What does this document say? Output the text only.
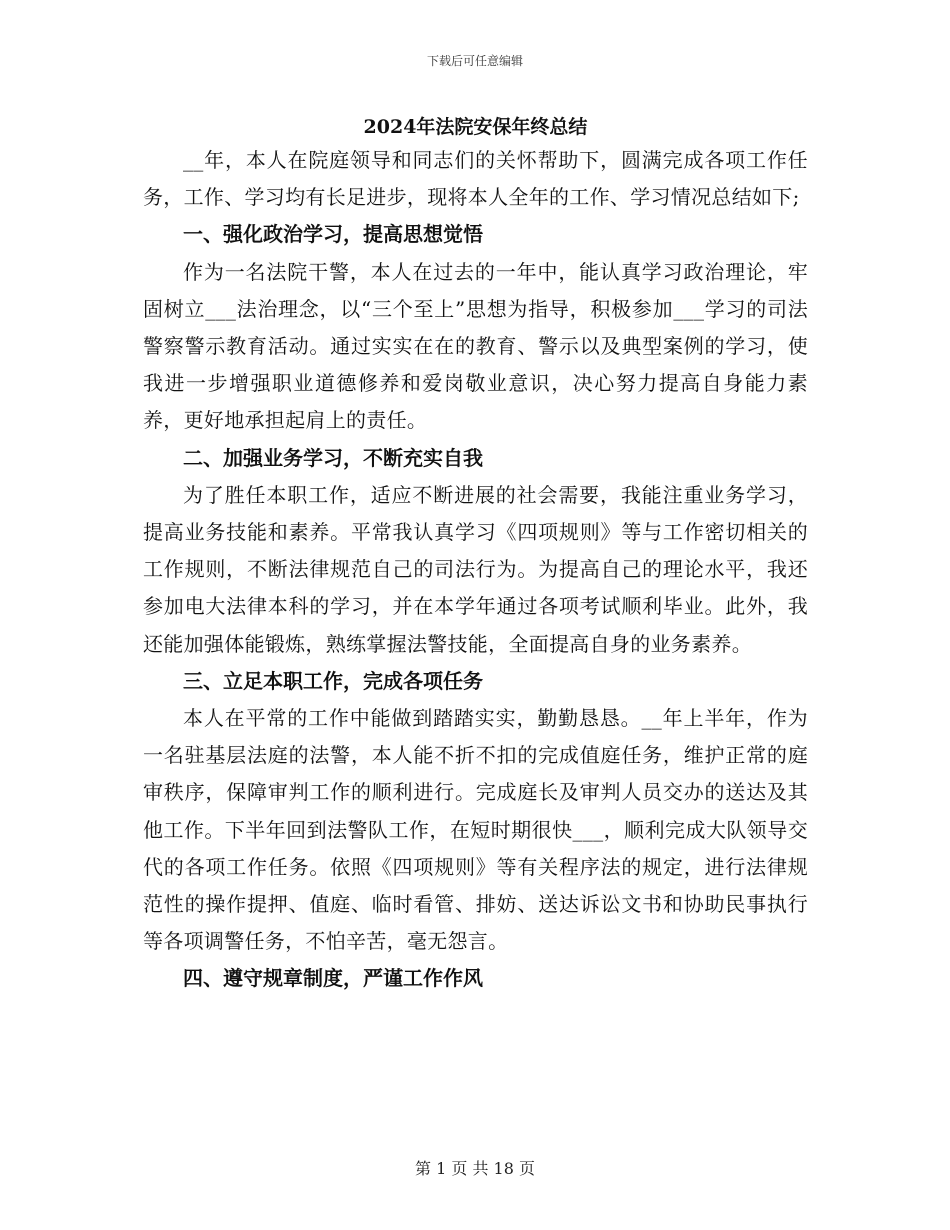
下载后可任意编辑
2024年法院安保年终总结

__年，本人在院庭领导和同志们的关怀帮助下，圆满完成各项工作任务，工作、学习均有长足进步，现将本人全年的工作、学习情况总结如下;

一、强化政治学习，提高思想觉悟

作为一名法院干警，本人在过去的一年中，能认真学习政治理论，牢固树立___法治理念，以“三个至上”思想为指导，积极参加___学习的司法警察警示教育活动。通过实实在在的教育、警示以及典型案例的学习，使我进一步增强职业道德修养和爱岗敬业意识，决心努力提高自身能力素养，更好地承担起肩上的责任。

二、加强业务学习，不断充实自我

为了胜任本职工作，适应不断进展的社会需要，我能注重业务学习，提高业务技能和素养。平常我认真学习《四项规则》等与工作密切相关的工作规则，不断法律规范自己的司法行为。为提高自己的理论水平，我还参加电大法律本科的学习，并在本学年通过各项考试顺利毕业。此外，我还能加强体能锻炼，熟练掌握法警技能，全面提高自身的业务素养。

三、立足本职工作，完成各项任务

本人在平常的工作中能做到踏踏实实，勤勤恳恳。__年上半年，作为一名驻基层法庭的法警，本人能不折不扣的完成值庭任务，维护正常的庭审秩序，保障审判工作的顺利进行。完成庭长及审判人员交办的送达及其他工作。下半年回到法警队工作，在短时期很快___，顺利完成大队领导交代的各项工作任务。依照《四项规则》等有关程序法的规定，进行法律规范性的操作提押、值庭、临时看管、排妨、送达诉讼文书和协助民事执行等各项调警任务，不怕辛苦，毫无怨言。

四、遵守规章制度，严谨工作作风

第 1 页 共 18 页
